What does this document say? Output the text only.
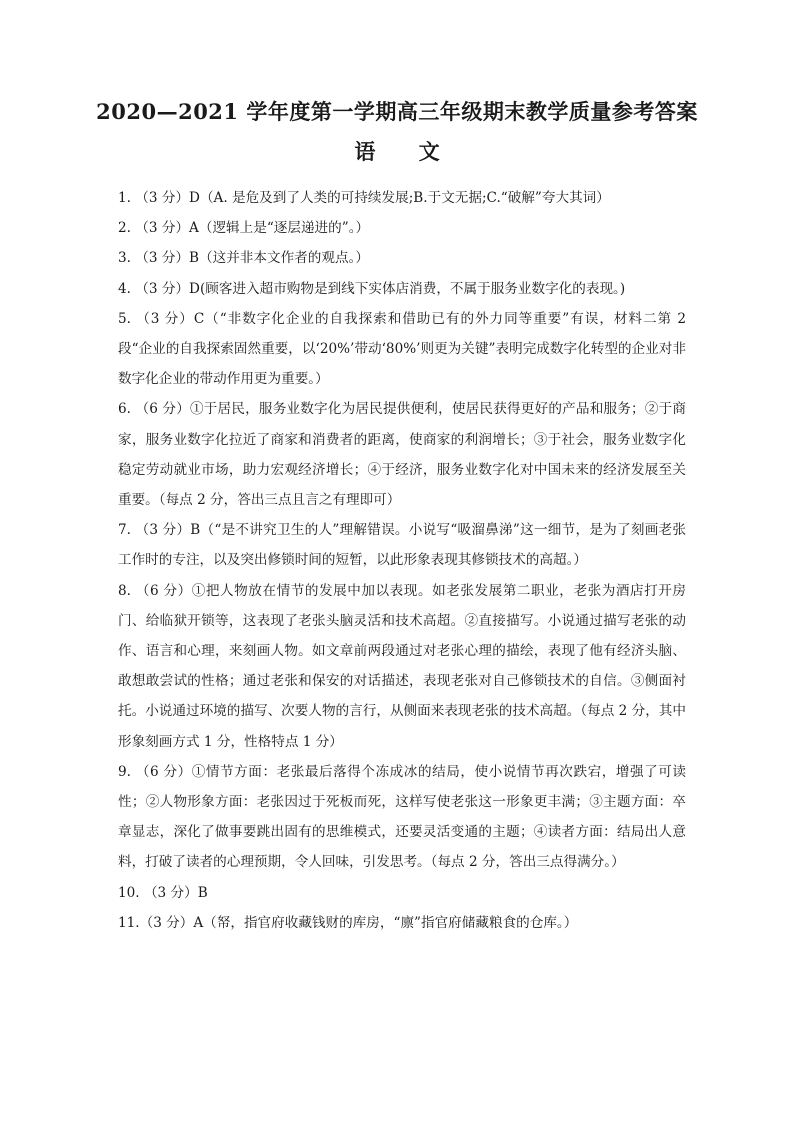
2020—2021 学年度第一学期高三年级期末教学质量参考答案
语 文

1. （3 分）D（A. 是危及到了人类的可持续发展;B.于文无据;C.“破解”夸大其词）

2. （3 分）A（逻辑上是“逐层递进的”。）

3. （3 分）B（这并非本文作者的观点。）

4. （3 分）D(顾客进入超市购物是到线下实体店消费，不属于服务业数字化的表现。)

5. （3 分）C（“非数字化企业的自我探索和借助已有的外力同等重要”有误，材料二第 2 段“企业的自我探索固然重要，以‘20%’带动‘80%’则更为关键”表明完成数字化转型的企业对非数字化企业的带动作用更为重要。）

6. （6 分）①于居民，服务业数字化为居民提供便利，使居民获得更好的产品和服务；②于商家，服务业数字化拉近了商家和消费者的距离，使商家的利润增长；③于社会，服务业数字化稳定劳动就业市场，助力宏观经济增长；④于经济，服务业数字化对中国未来的经济发展至关重要。（每点 2 分，答出三点且言之有理即可）

7. （3 分）B（“是不讲究卫生的人”理解错误。小说写“吸溜鼻涕”这一细节，是为了刻画老张工作时的专注，以及突出修锁时间的短暂，以此形象表现其修锁技术的高超。）

8. （6 分）①把人物放在情节的发展中加以表现。如老张发展第二职业，老张为酒店打开房门、给临狱开锁等，这表现了老张头脑灵活和技术高超。②直接描写。小说通过描写老张的动作、语言和心理，来刻画人物。如文章前两段通过对老张心理的描绘，表现了他有经济头脑、敢想敢尝试的性格；通过老张和保安的对话描述，表现老张对自己修锁技术的自信。③侧面衬托。小说通过环境的描写、次要人物的言行，从侧面来表现老张的技术高超。（每点 2 分，其中形象刻画方式 1 分，性格特点 1 分）

9. （6 分）①情节方面：老张最后落得个冻成冰的结局，使小说情节再次跌宕，增强了可读性；②人物形象方面：老张因过于死板而死，这样写使老张这一形象更丰满；③主题方面：卒章显志，深化了做事要跳出固有的思维模式，还要灵活变通的主题；④读者方面：结局出人意料，打破了读者的心理预期，令人回味，引发思考。（每点 2 分，答出三点得满分。）

10. （3 分）B

11.（3 分）A（帑，指官府收藏钱财的库房，“廪”指官府储藏粮食的仓库。）
